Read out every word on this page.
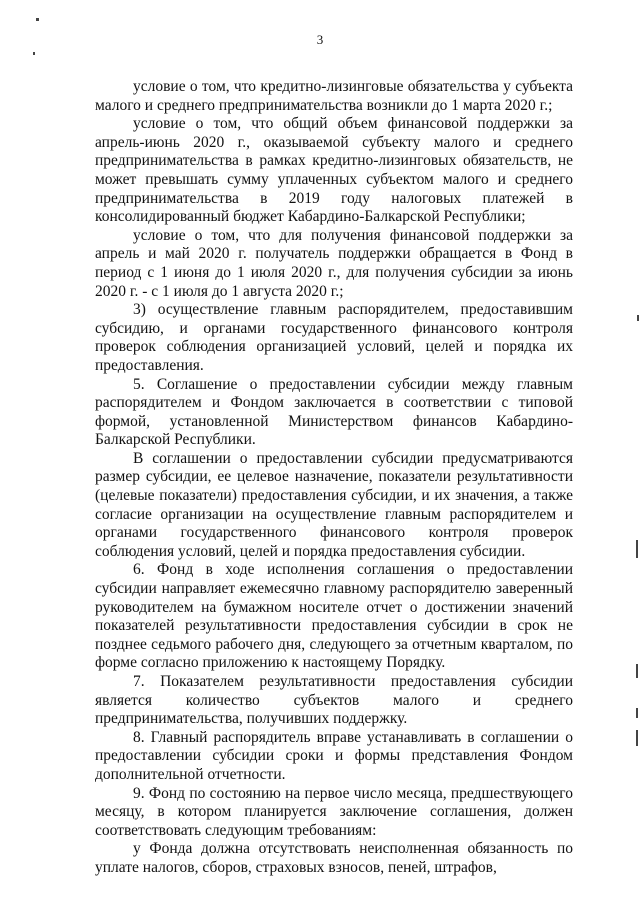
3

условие о том, что кредитно-лизинговые обязательства у субъекта малого и среднего предпринимательства возникли до 1 марта 2020 г.;

условие о том, что общий объем финансовой поддержки за апрель-июнь 2020 г., оказываемой субъекту малого и среднего предпринимательства в рамках кредитно-лизинговых обязательств, не может превышать сумму уплаченных субъектом малого и среднего предпринимательства в 2019 году налоговых платежей в консолидированный бюджет Кабардино-Балкарской Республики;

условие о том, что для получения финансовой поддержки за апрель и май 2020 г. получатель поддержки обращается в Фонд в период с 1 июня до 1 июля 2020 г., для получения субсидии за июнь 2020 г. - с 1 июля до 1 августа 2020 г.;

3) осуществление главным распорядителем, предоставившим субсидию, и органами государственного финансового контроля проверок соблюдения организацией условий, целей и порядка их предоставления.

5. Соглашение о предоставлении субсидии между главным распорядителем и Фондом заключается в соответствии с типовой формой, установленной Министерством финансов Кабардино-Балкарской Республики.

В соглашении о предоставлении субсидии предусматриваются размер субсидии, ее целевое назначение, показатели результативности (целевые показатели) предоставления субсидии, и их значения, а также согласие организации на осуществление главным распорядителем и органами государственного финансового контроля проверок соблюдения условий, целей и порядка предоставления субсидии.

6. Фонд в ходе исполнения соглашения о предоставлении субсидии направляет ежемесячно главному распорядителю заверенный руководителем на бумажном носителе отчет о достижении значений показателей результативности предоставления субсидии в срок не позднее седьмого рабочего дня, следующего за отчетным кварталом, по форме согласно приложению к настоящему Порядку.

7. Показателем результативности предоставления субсидии является количество субъектов малого и среднего предпринимательства, получивших поддержку.

8. Главный распорядитель вправе устанавливать в соглашении о предоставлении субсидии сроки и формы представления Фондом дополнительной отчетности.

9. Фонд по состоянию на первое число месяца, предшествующего месяцу, в котором планируется заключение соглашения, должен соответствовать следующим требованиям:

у Фонда должна отсутствовать неисполненная обязанность по уплате налогов, сборов, страховых взносов, пеней, штрафов,
